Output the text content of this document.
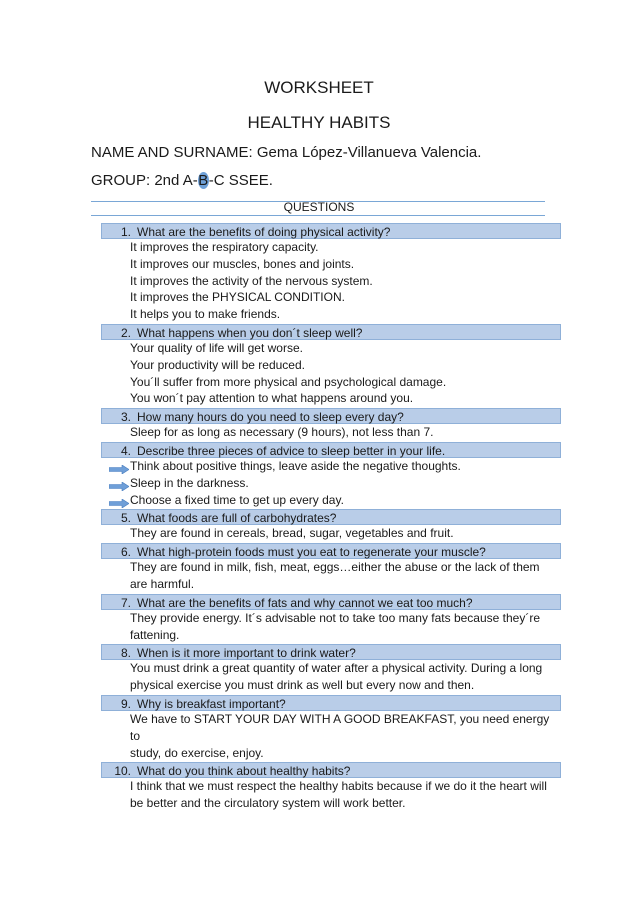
WORKSHEET
HEALTHY HABITS
NAME AND SURNAME: Gema López-Villanueva Valencia.
GROUP: 2nd A-B-C SSEE.
QUESTIONS
1. What are the benefits of doing physical activity?
It improves the respiratory capacity.
It improves our muscles, bones and joints.
It improves the activity of the nervous system.
It improves the PHYSICAL CONDITION.
It helps you to make friends.
2. What happens when you don´t sleep well?
Your quality of life will get worse.
Your productivity will be reduced.
You´ll suffer from more physical and psychological damage.
You won´t pay attention to what happens around you.
3. How many hours do you need to sleep every day?
Sleep for as long as necessary (9 hours), not less than 7.
4. Describe three pieces of advice to sleep better in your life.
Think about positive things, leave aside the negative thoughts.
Sleep in the darkness.
Choose a fixed time to get up every day.
5. What foods are full of carbohydrates?
They are found in cereals, bread, sugar, vegetables and fruit.
6. What high-protein foods must you eat to regenerate your muscle?
They are found in milk, fish, meat, eggs…either the abuse or the lack of them
are harmful.
7. What are the benefits of fats and why cannot we eat too much?
They provide energy. It´s advisable not to take too many fats because they´re
fattening.
8. When is it more important to drink water?
You must drink a great quantity of water after a physical activity. During a long
physical exercise you must drink as well but every now and then.
9. Why is breakfast important?
We have to START YOUR DAY WITH A GOOD BREAKFAST, you need energy to
study, do exercise, enjoy.
10. What do you think about healthy habits?
I think that we must respect the healthy habits because if we do it the heart will
be better and the circulatory system will work better.
